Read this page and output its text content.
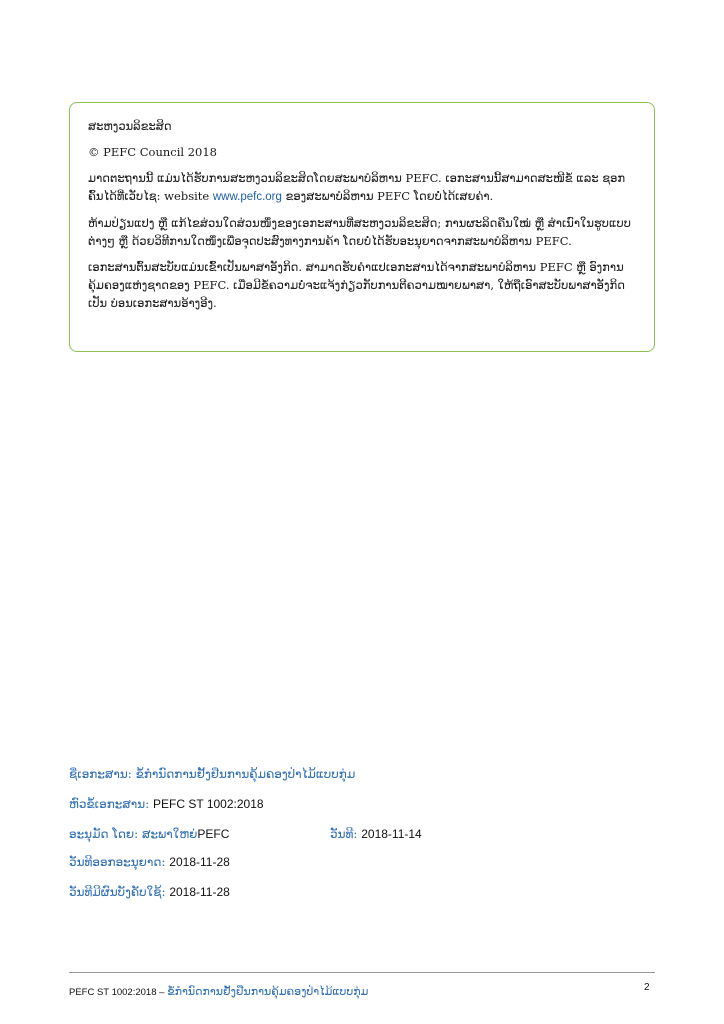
ສະຫງວນລິຂະສິດ

© PEFC Council 2018

ມາດຕະຖານນີ້ ແມ່ນໄດ້ຮັບການສະຫງວນລິຂະສິດໂດຍສະພາບໍລິຫານ PEFC. ເອກະສານນີ້ສາມາດສະໜີຂໍ້ ແລະ ຊອກ ຄົ້ນໄດ້ທີ່ເວັບໄຊ: website www.pefc.org ຂອງສະພາບໍລິຫານ PEFC ໂດຍບໍ່ໄດ້ເສຍຄ່າ.

ຫ້າມປ່ຽນແປງ ຫຼື ແກ້ໄຂສ່ວນໃດສ່ວນໜຶ່ງຂອງເອກະສານທີ່ສະຫງວນລິຂະສິດ; ການຜະລິດຄືນໃໝ່ ຫຼື ສຳເນົາໃນຮູບແບບຕ່າງໆ ຫຼື ດ້ວຍວິທີການໃດໜຶ່ງເພື່ອຈຸດປະສົງທາງການຄ້າ ໂດຍບໍ່ໄດ້ຮັບອະນຸຍາດຈາກສະພາບໍລິຫານ PEFC.

ເອກະສານຕົ້ນສະບັບແມ່ນເຂົ້າເປັນພາສາອັງກິດ. ສາມາດຮັບຄຳແປເອກະສານໄດ້ຈາກສະພາບໍລິຫານ PEFC ຫຼື ອົງການ ຄຸ້ມຄອງແຫ່ງຊາດຂອງ PEFC. ເມື່ອມີຂໍ້ຄວາມບໍ່ຈະແຈ້ງກ່ຽວກັບການຕີຄວາມໝາຍພາສາ, ໃຫ້ຖືເອົາສະບັບພາສາອັງກິດ ເປັນ ບ່ອນເອກະສານອ້າງອີງ.

ຊື່ເອກະສານ: ຂໍ້ກຳນົດການຢັ້ງຢືນການຄຸ້ມຄອງປ່າໄມ້ແບບກຸ່ມ
ຫົວຂໍ້ເອກະສານ: PEFC ST 1002:2018
ອະນຸມັດ ໂດຍ: ສະພາໃຫຍ່PEFC	ວັນທີ: 2018-11-14
ວັນທີອອກອະນຸຍາດ: 2018-11-28
ວັນທີມີຜົນບັງຄັບໃຊ້: 2018-11-28
PEFC ST 1002:2018 – ຂໍ້ກຳນົດການຢັ້ງຢືນການຄຸ້ມຄອງປ່າໄມ້ແບບກຸ່ມ	2
